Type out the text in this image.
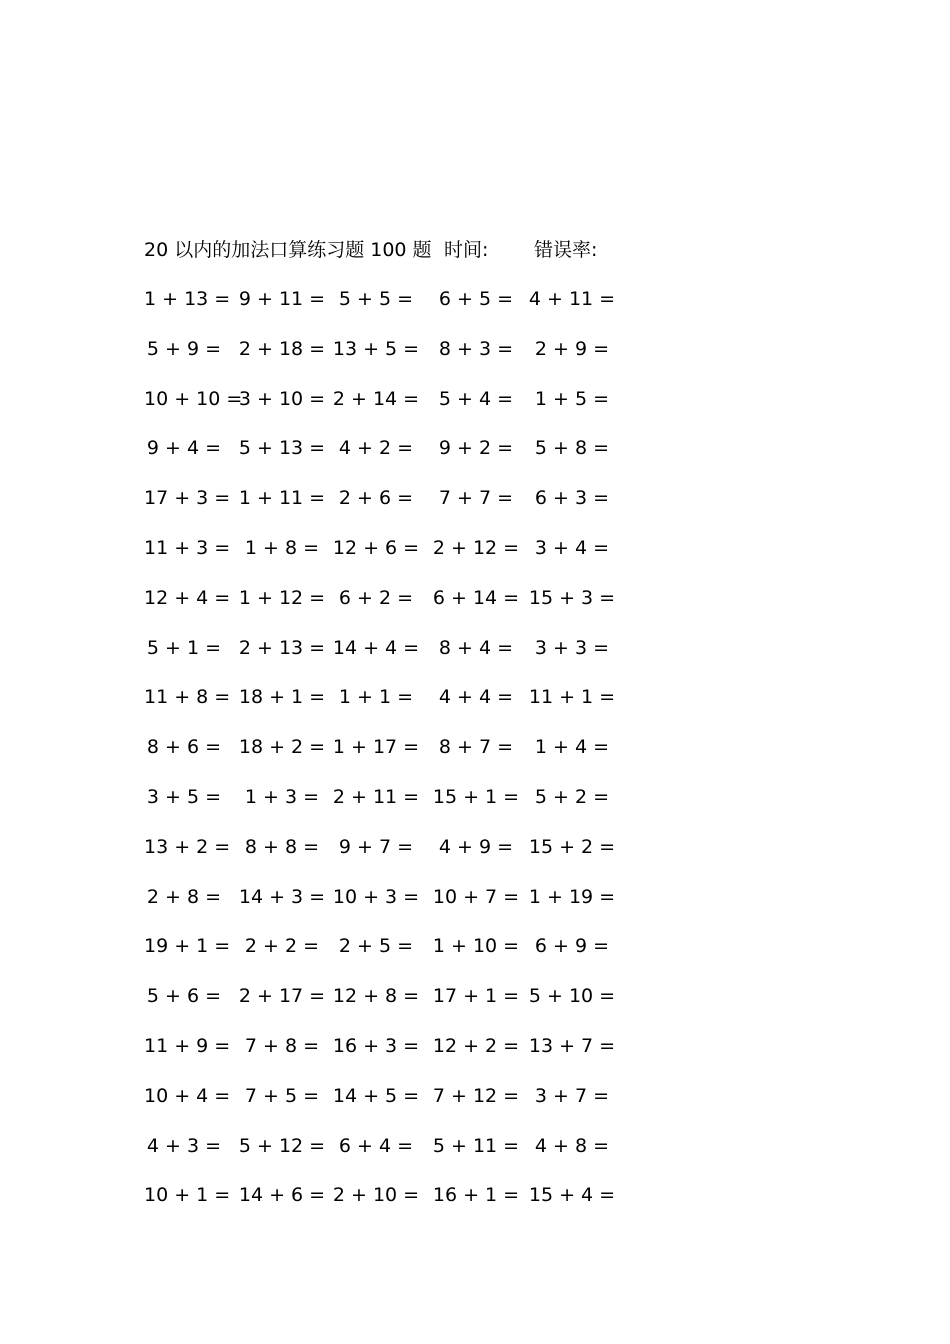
20 以内的加法口算练习题 100 题 时间: 错误率:
1 + 13 = 9 + 11 = 5 + 5 = 6 + 5 = 4 + 11 =
5 + 9 = 2 + 18 = 13 + 5 = 8 + 3 = 2 + 9 =
10 + 10 =
3 + 10 = 2 + 14 = 5 + 4 = 1 + 5 =
9 + 4 = 5 + 13 = 4 + 2 = 9 + 2 = 5 + 8 =
17 + 3 = 1 + 11 = 2 + 6 = 7 + 7 = 6 + 3 =
11 + 3 = 1 + 8 = 12 + 6 = 2 + 12 = 3 + 4 =
12 + 4 = 1 + 12 = 6 + 2 = 6 + 14 = 15 + 3 =
5 + 1 = 2 + 13 = 14 + 4 = 8 + 4 = 3 + 3 =
11 + 8 = 18 + 1 = 1 + 1 = 4 + 4 = 11 + 1 =
8 + 6 = 18 + 2 = 1 + 17 = 8 + 7 = 1 + 4 =
3 + 5 = 1 + 3 = 2 + 11 = 15 + 1 = 5 + 2 =
13 + 2 = 8 + 8 = 9 + 7 = 4 + 9 = 15 + 2 =
2 + 8 = 14 + 3 = 10 + 3 = 10 + 7 = 1 + 19 =
19 + 1 = 2 + 2 = 2 + 5 = 1 + 10 = 6 + 9 =
5 + 6 = 2 + 17 = 12 + 8 = 17 + 1 = 5 + 10 =
11 + 9 = 7 + 8 = 16 + 3 = 12 + 2 = 13 + 7 =
10 + 4 = 7 + 5 = 14 + 5 = 7 + 12 = 3 + 7 =
4 + 3 = 5 + 12 = 6 + 4 = 5 + 11 = 4 + 8 =
10 + 1 = 14 + 6 = 2 + 10 = 16 + 1 = 15 + 4 =
